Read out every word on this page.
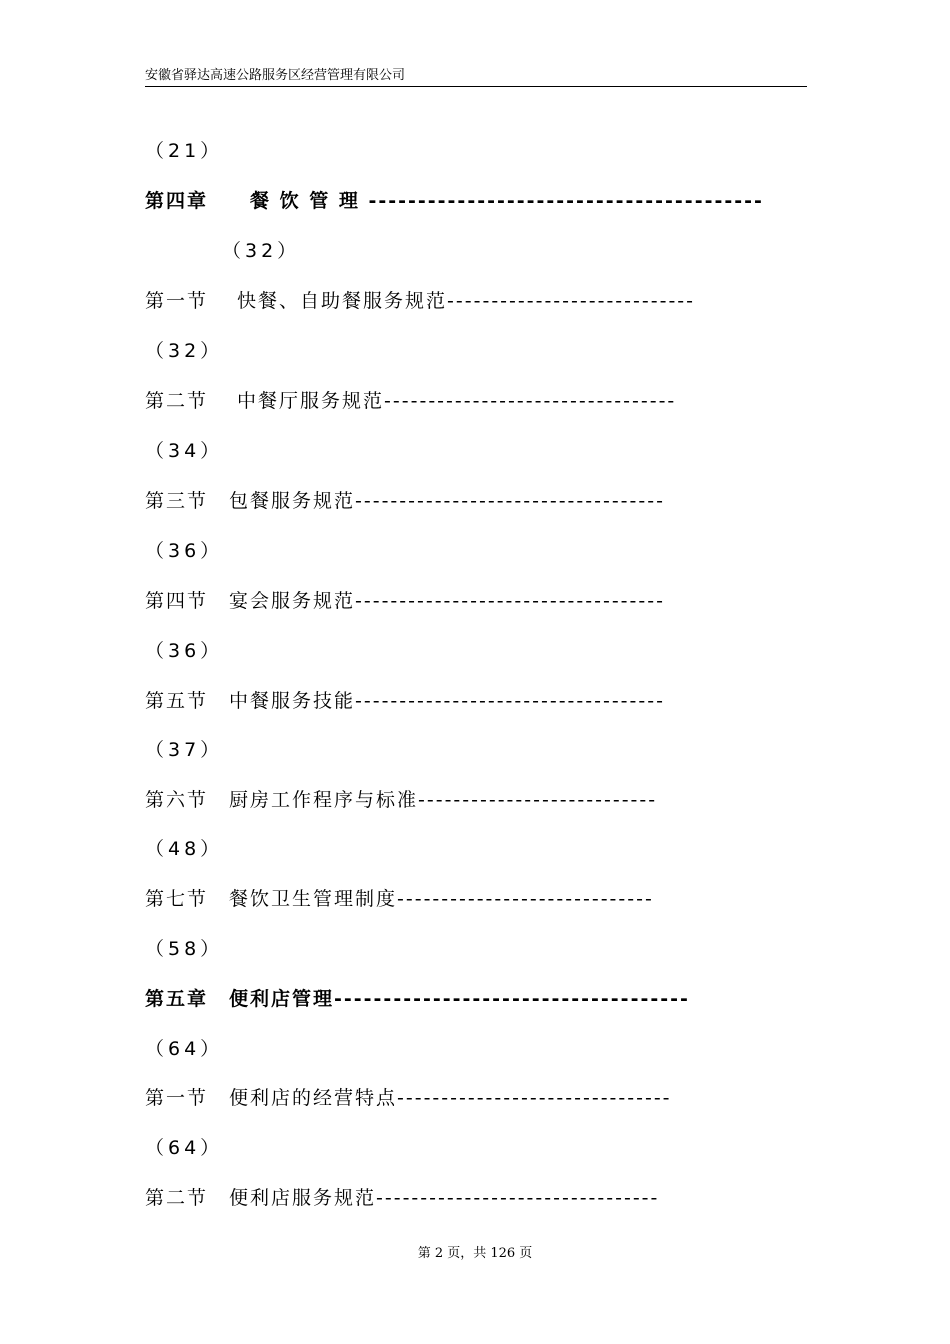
安徽省驿达高速公路服务区经营管理有限公司
（21）
第四章　　餐 饮 管 理 ----------------------------------------
（32）
第一节　 快餐、自助餐服务规范----------------------------
（32）
第二节　 中餐厅服务规范---------------------------------
（34）
第三节　包餐服务规范-----------------------------------
（36）
第四节　宴会服务规范-----------------------------------
（36）
第五节　中餐服务技能-----------------------------------
（37）
第六节　厨房工作程序与标准---------------------------
（48）
第七节　餐饮卫生管理制度-----------------------------
（58）
第五章　便利店管理------------------------------------
（64）
第一节　便利店的经营特点-------------------------------
（64）
第二节　便利店服务规范--------------------------------
第 2 页，共 126 页
